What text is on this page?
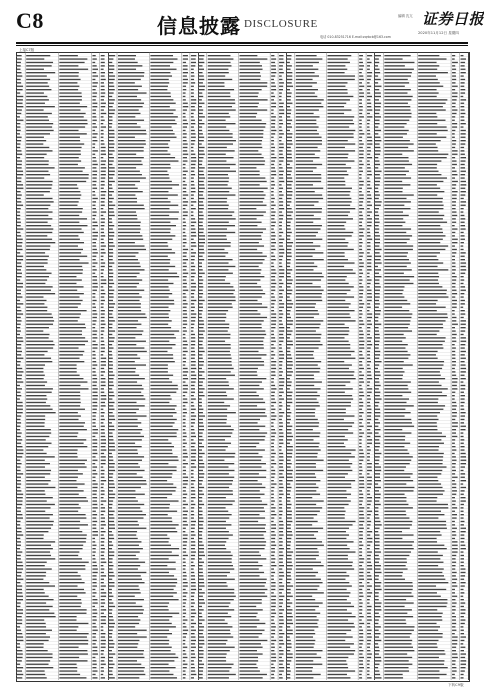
C8	信息披露 DISCLOSURE
编辑 沈亢 证券日报
电话 010-83251716 E-mail:zqrbcb@163.com
2020年11月12日 星期四
上接C7版
下转C9版
